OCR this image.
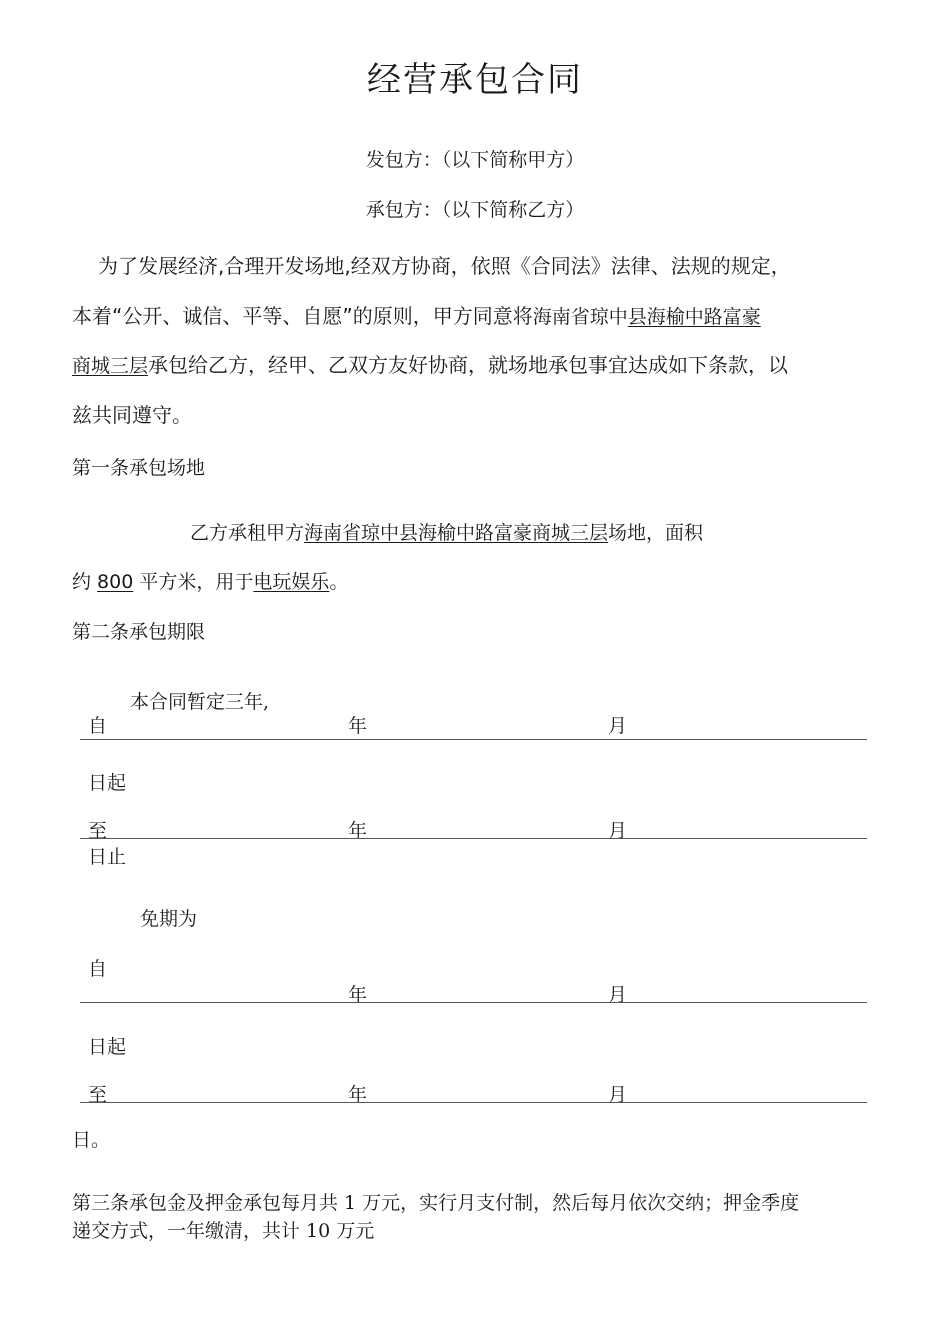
经营承包合同
发包方：（以下简称甲方）
承包方：（以下简称乙方）
为了发展经济,合理开发场地,经双方协商，依照《合同法》法律、法规的规定，
本着“公开、诚信、平等、自愿”的原则，甲方同意将海南省琼中县海榆中路富豪
商城三层承包给乙方，经甲、乙双方友好协商，就场地承包事宜达成如下条款，以
兹共同遵守。
第一条承包场地
乙方承租甲方海南省琼中县海榆中路富豪商城三层场地，面积
约 800 平方米，用于电玩娱乐。
第二条承包期限
本合同暂定三年,
自	年	月
日起
至	年	月
日止
免期为
自
年	月
日起
至	年	月
日。
第三条承包金及押金承包每月共 1 万元，实行月支付制，然后每月依次交纳；押金季度
递交方式，一年缴清，共计 10 万元
